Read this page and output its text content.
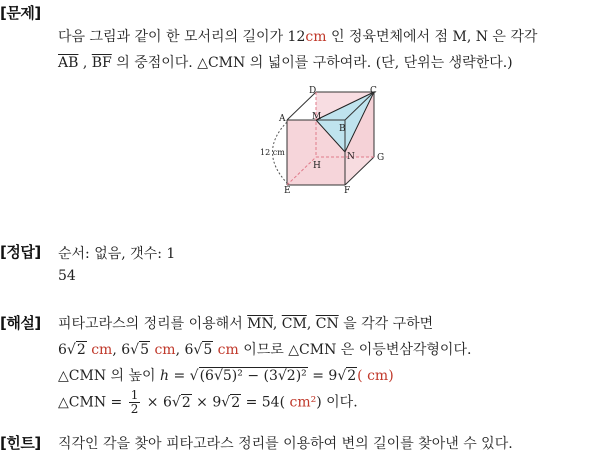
[문제]
다음 그림과 같이 한 모서리의 길이가 12cm 인 정육면체에서 점 M, N 은 각각
$\overline{AB}$ , $\overline{BF}$ 의 중점이다. △CMN 의 넓이를 구하여라. (단, 단위는 생략한다.)
D	C
A	M
B
N G
H
E	F
12 cm
[정답] 순서: 없음, 갯수: 1
54
[해설] 피타고라스의 정리를 이용해서 $\overline{MN}$, $\overline{CM}$, $\overline{CN}$ 을 각각 구하면
6√2 cm, 6√5 cm, 6√5 cm 이므로 △CMN 은 이등변삼각형이다.
△CMN 의 높이 h = √(6√5)² − (3√2)² = 9√2( cm)
△CMN = $\frac{1}{2} \times 6√2 \times 9√2 = 54$( cm²) 이다.
[힌트] 직각인 각을 찾아 피타고라스 정리를 이용하여 변의 길이를 찾아낸 수 있다.
